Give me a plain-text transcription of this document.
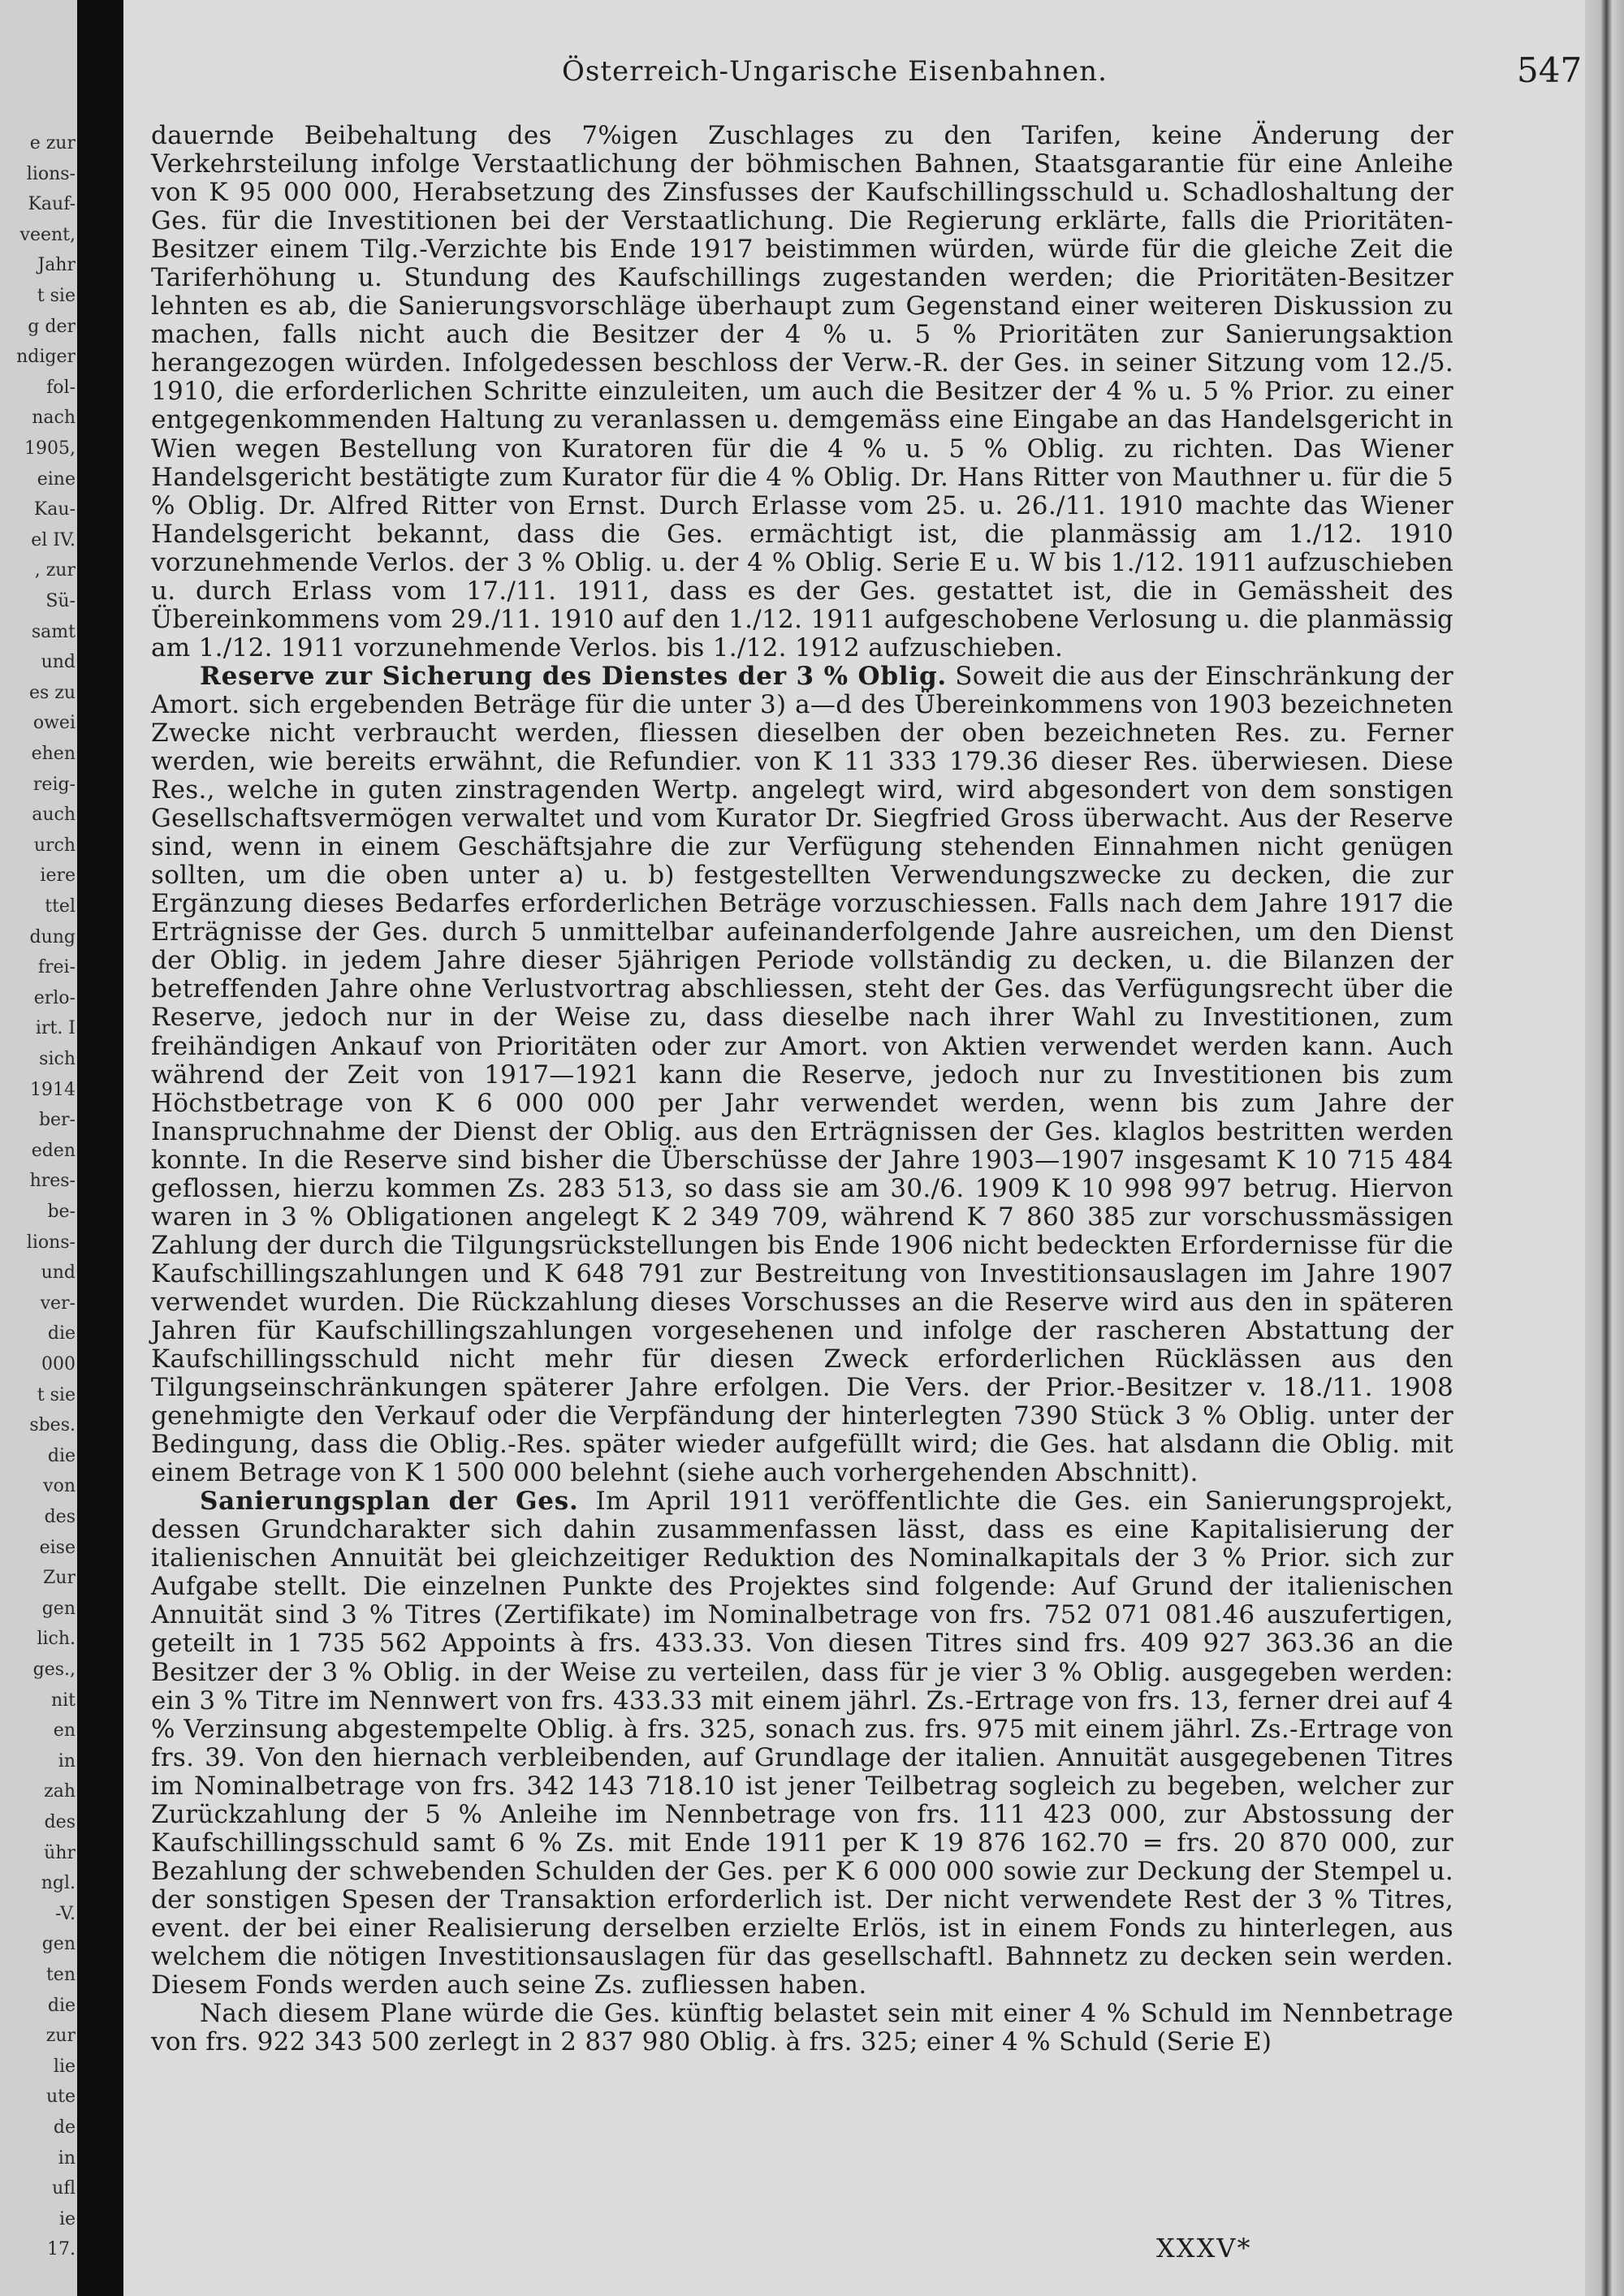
e zur
lions-
Kauf-
veent,
Jahr
t sie
g der
ndiger
fol-
nach
1905,
eine
Kau-
el IV.
, zur
Sü-
samt
und
es zu
owei
ehen
reig-
auch
urch
iere
ttel
dung
frei-
erlo-
irt. I
sich
1914
ber-
eden
hres-
be-
lions-
und
ver-
die
000
t sie
sbes.
die
von
des
eise
Zur
gen
lich.
ges.,
nit
en
in
zah
des
ühr
ngl.
-V.
gen
ten
die
zur
lie
ute
de
in
ufl
ie
17.
Österreich-Ungarische Eisenbahnen.	547

dauernde Beibehaltung des 7%igen Zuschlages zu den Tarifen, keine Änderung der Verkehrsteilung infolge Verstaatlichung der böhmischen Bahnen, Staatsgarantie für eine Anleihe von K 95 000 000, Herabsetzung des Zinsfusses der Kaufschillingsschuld u. Schadloshaltung der Ges. für die Investitionen bei der Verstaatlichung. Die Regierung erklärte, falls die Prioritäten-Besitzer einem Tilg.-Verzichte bis Ende 1917 beistimmen würden, würde für die gleiche Zeit die Tariferhöhung u. Stundung des Kaufschillings zugestanden werden; die Prioritäten-Besitzer lehnten es ab, die Sanierungsvorschläge überhaupt zum Gegenstand einer weiteren Diskussion zu machen, falls nicht auch die Besitzer der 4 % u. 5 % Prioritäten zur Sanierungsaktion herangezogen würden. Infolgedessen beschloss der Verw.-R. der Ges. in seiner Sitzung vom 12./5. 1910, die erforderlichen Schritte einzuleiten, um auch die Besitzer der 4 % u. 5 % Prior. zu einer entgegenkommenden Haltung zu veranlassen u. demgemäss eine Eingabe an das Handelsgericht in Wien wegen Bestellung von Kuratoren für die 4 % u. 5 % Oblig. zu richten. Das Wiener Handelsgericht bestätigte zum Kurator für die 4 % Oblig. Dr. Hans Ritter von Mauthner u. für die 5 % Oblig. Dr. Alfred Ritter von Ernst. Durch Erlasse vom 25. u. 26./11. 1910 machte das Wiener Handelsgericht bekannt, dass die Ges. ermächtigt ist, die planmässig am 1./12. 1910 vorzunehmende Verlos. der 3 % Oblig. u. der 4 % Oblig. Serie E u. W bis 1./12. 1911 aufzuschieben u. durch Erlass vom 17./11. 1911, dass es der Ges. gestattet ist, die in Gemässheit des Übereinkommens vom 29./11. 1910 auf den 1./12. 1911 aufgeschobene Verlosung u. die planmässig am 1./12. 1911 vorzunehmende Verlos. bis 1./12. 1912 aufzuschieben.

Reserve zur Sicherung des Dienstes der 3 % Oblig. Soweit die aus der Einschränkung der Amort. sich ergebenden Beträge für die unter 3) a—d des Übereinkommens von 1903 bezeichneten Zwecke nicht verbraucht werden, fliessen dieselben der oben bezeichneten Res. zu. Ferner werden, wie bereits erwähnt, die Refundier. von K 11 333 179.36 dieser Res. überwiesen. Diese Res., welche in guten zinstragenden Wertp. angelegt wird, wird abgesondert von dem sonstigen Gesellschaftsvermögen verwaltet und vom Kurator Dr. Siegfried Gross überwacht. Aus der Reserve sind, wenn in einem Geschäftsjahre die zur Verfügung stehenden Einnahmen nicht genügen sollten, um die oben unter a) u. b) festgestellten Verwendungszwecke zu decken, die zur Ergänzung dieses Bedarfes erforderlichen Beträge vorzuschiessen. Falls nach dem Jahre 1917 die Erträgnisse der Ges. durch 5 unmittelbar aufeinanderfolgende Jahre ausreichen, um den Dienst der Oblig. in jedem Jahre dieser 5jährigen Periode vollständig zu decken, u. die Bilanzen der betreffenden Jahre ohne Verlustvortrag abschliessen, steht der Ges. das Verfügungsrecht über die Reserve, jedoch nur in der Weise zu, dass dieselbe nach ihrer Wahl zu Investitionen, zum freihändigen Ankauf von Prioritäten oder zur Amort. von Aktien verwendet werden kann. Auch während der Zeit von 1917—1921 kann die Reserve, jedoch nur zu Investitionen bis zum Höchstbetrage von K 6 000 000 per Jahr verwendet werden, wenn bis zum Jahre der Inanspruchnahme der Dienst der Oblig. aus den Erträgnissen der Ges. klaglos bestritten werden konnte. In die Reserve sind bisher die Überschüsse der Jahre 1903—1907 insgesamt K 10 715 484 geflossen, hierzu kommen Zs. 283 513, so dass sie am 30./6. 1909 K 10 998 997 betrug. Hiervon waren in 3 % Obligationen angelegt K 2 349 709, während K 7 860 385 zur vorschussmässigen Zahlung der durch die Tilgungsrückstellungen bis Ende 1906 nicht bedeckten Erfordernisse für die Kaufschillingszahlungen und K 648 791 zur Bestreitung von Investitionsauslagen im Jahre 1907 verwendet wurden. Die Rückzahlung dieses Vorschusses an die Reserve wird aus den in späteren Jahren für Kaufschillingszahlungen vorgesehenen und infolge der rascheren Abstattung der Kaufschillingsschuld nicht mehr für diesen Zweck erforderlichen Rücklässen aus den Tilgungseinschränkungen späterer Jahre erfolgen. Die Vers. der Prior.-Besitzer v. 18./11. 1908 genehmigte den Verkauf oder die Verpfändung der hinterlegten 7390 Stück 3 % Oblig. unter der Bedingung, dass die Oblig.-Res. später wieder aufgefüllt wird; die Ges. hat alsdann die Oblig. mit einem Betrage von K 1 500 000 belehnt (siehe auch vorhergehenden Abschnitt).

Sanierungsplan der Ges. Im April 1911 veröffentlichte die Ges. ein Sanierungsprojekt, dessen Grundcharakter sich dahin zusammenfassen lässt, dass es eine Kapitalisierung der italienischen Annuität bei gleichzeitiger Reduktion des Nominalkapitals der 3 % Prior. sich zur Aufgabe stellt. Die einzelnen Punkte des Projektes sind folgende: Auf Grund der italienischen Annuität sind 3 % Titres (Zertifikate) im Nominalbetrage von frs. 752 071 081.46 auszufertigen, geteilt in 1 735 562 Appoints à frs. 433.33. Von diesen Titres sind frs. 409 927 363.36 an die Besitzer der 3 % Oblig. in der Weise zu verteilen, dass für je vier 3 % Oblig. ausgegeben werden: ein 3 % Titre im Nennwert von frs. 433.33 mit einem jährl. Zs.-Ertrage von frs. 13, ferner drei auf 4 % Verzinsung abgestempelte Oblig. à frs. 325, sonach zus. frs. 975 mit einem jährl. Zs.-Ertrage von frs. 39. Von den hiernach verbleibenden, auf Grundlage der italien. Annuität ausgegebenen Titres im Nominalbetrage von frs. 342 143 718.10 ist jener Teilbetrag sogleich zu begeben, welcher zur Zurückzahlung der 5 % Anleihe im Nennbetrage von frs. 111 423 000, zur Abstossung der Kaufschillingsschuld samt 6 % Zs. mit Ende 1911 per K 19 876 162.70 = frs. 20 870 000, zur Bezahlung der schwebenden Schulden der Ges. per K 6 000 000 sowie zur Deckung der Stempel u. der sonstigen Spesen der Transaktion erforderlich ist. Der nicht verwendete Rest der 3 % Titres, event. der bei einer Realisierung derselben erzielte Erlös, ist in einem Fonds zu hinterlegen, aus welchem die nötigen Investitionsauslagen für das gesellschaftl. Bahnnetz zu decken sein werden. Diesem Fonds werden auch seine Zs. zufliessen haben.

Nach diesem Plane würde die Ges. künftig belastet sein mit einer 4 % Schuld im Nennbetrage von frs. 922 343 500 zerlegt in 2 837 980 Oblig. à frs. 325; einer 4 % Schuld (Serie E)

XXXV*
